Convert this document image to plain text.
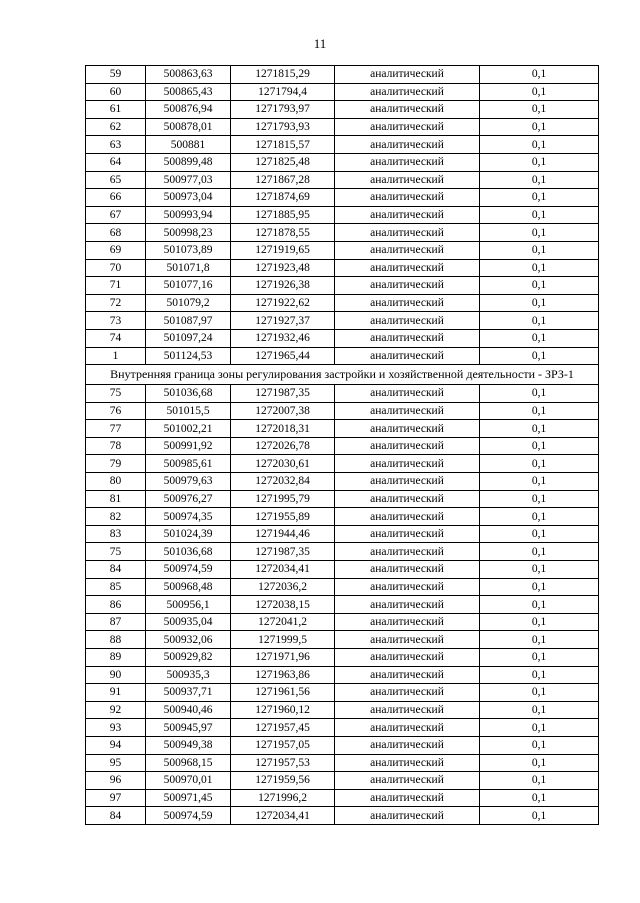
11
59	500863,63	1271815,29	аналитический	0,1
60	500865,43	1271794,4	аналитический	0,1
61	500876,94	1271793,97	аналитический	0,1
62	500878,01	1271793,93	аналитический	0,1
63	500881	1271815,57	аналитический	0,1
64	500899,48	1271825,48	аналитический	0,1
65	500977,03	1271867,28	аналитический	0,1
66	500973,04	1271874,69	аналитический	0,1
67	500993,94	1271885,95	аналитический	0,1
68	500998,23	1271878,55	аналитический	0,1
69	501073,89	1271919,65	аналитический	0,1
70	501071,8	1271923,48	аналитический	0,1
71	501077,16	1271926,38	аналитический	0,1
72	501079,2	1271922,62	аналитический	0,1
73	501087,97	1271927,37	аналитический	0,1
74	501097,24	1271932,46	аналитический	0,1
1	501124,53	1271965,44	аналитический	0,1
Внутренняя граница зоны регулирования застройки и хозяйственной деятельности - ЗРЗ-1				
75	501036,68	1271987,35	аналитический	0,1
76	501015,5	1272007,38	аналитический	0,1
77	501002,21	1272018,31	аналитический	0,1
78	500991,92	1272026,78	аналитический	0,1
79	500985,61	1272030,61	аналитический	0,1
80	500979,63	1272032,84	аналитический	0,1
81	500976,27	1271995,79	аналитический	0,1
82	500974,35	1271955,89	аналитический	0,1
83	501024,39	1271944,46	аналитический	0,1
75	501036,68	1271987,35	аналитический	0,1
84	500974,59	1272034,41	аналитический	0,1
85	500968,48	1272036,2	аналитический	0,1
86	500956,1	1272038,15	аналитический	0,1
87	500935,04	1272041,2	аналитический	0,1
88	500932,06	1271999,5	аналитический	0,1
89	500929,82	1271971,96	аналитический	0,1
90	500935,3	1271963,86	аналитический	0,1
91	500937,71	1271961,56	аналитический	0,1
92	500940,46	1271960,12	аналитический	0,1
93	500945,97	1271957,45	аналитический	0,1
94	500949,38	1271957,05	аналитический	0,1
95	500968,15	1271957,53	аналитический	0,1
96	500970,01	1271959,56	аналитический	0,1
97	500971,45	1271996,2	аналитический	0,1
84	500974,59	1272034,41	аналитический	0,1
